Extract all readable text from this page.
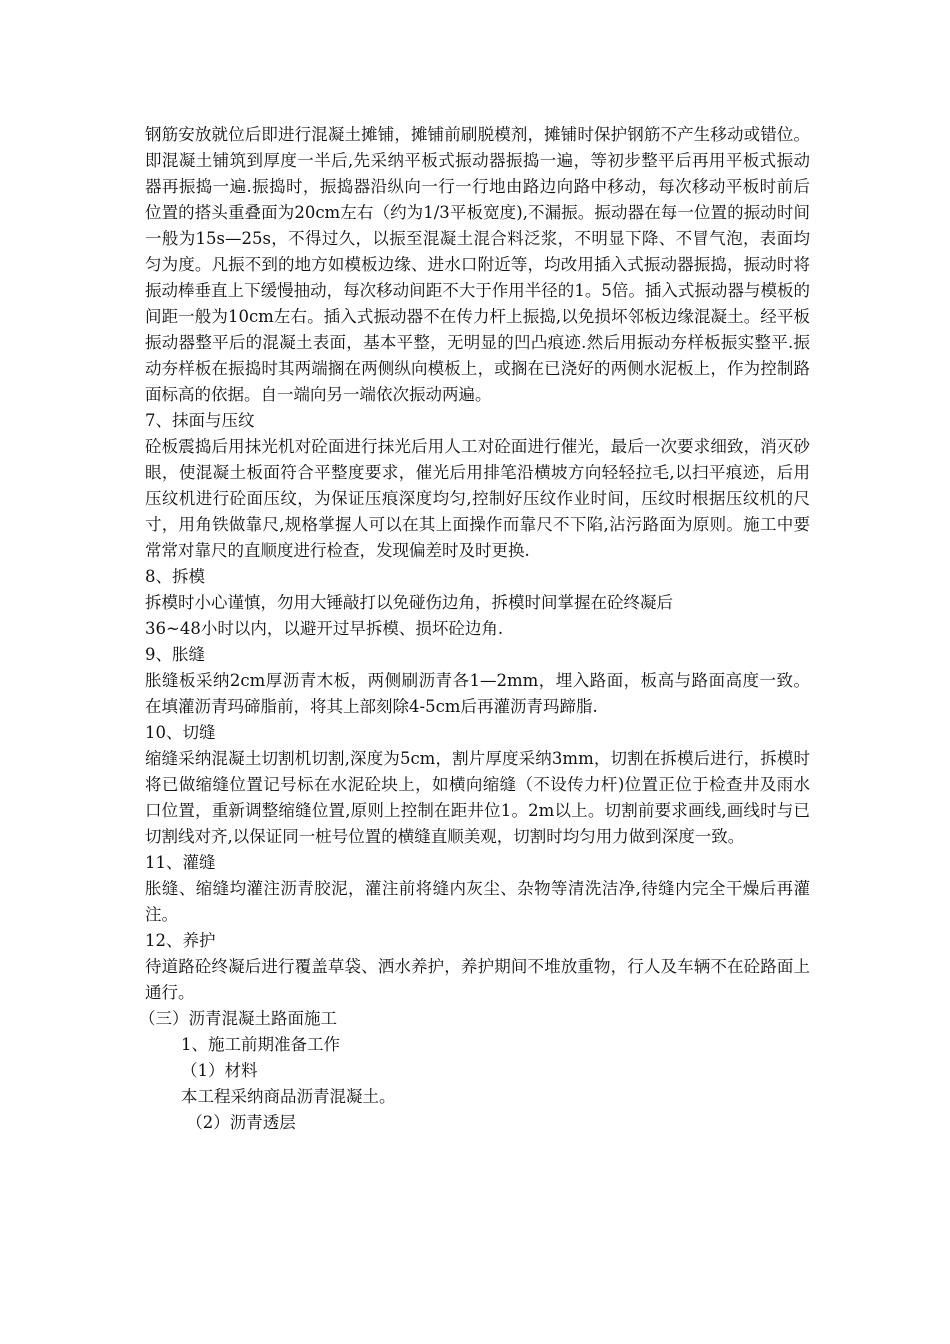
钢筋安放就位后即进行混凝土摊铺，摊铺前刷脱模剂，摊铺时保护钢筋不产生移动或错位。即混凝土铺筑到厚度一半后,先采纳平板式振动器振捣一遍，等初步整平后再用平板式振动器再振捣一遍.振捣时，振捣器沿纵向一行一行地由路边向路中移动，每次移动平板时前后位置的搭头重叠面为20cm左右（约为1/3平板宽度),不漏振。振动器在每一位置的振动时间一般为15s—25s，不得过久，以振至混凝土混合料泛浆，不明显下降、不冒气泡，表面均匀为度。凡振不到的地方如模板边缘、进水口附近等，均改用插入式振动器振捣，振动时将振动棒垂直上下缓慢抽动，每次移动间距不大于作用半径的1。5倍。插入式振动器与模板的间距一般为10cm左右。插入式振动器不在传力杆上振捣,以免损坏邻板边缘混凝土。经平板振动器整平后的混凝土表面，基本平整，无明显的凹凸痕迹.然后用振动夯样板振实整平.振动夯样板在振捣时其两端搁在两侧纵向模板上，或搁在已浇好的两侧水泥板上，作为控制路面标高的依据。自一端向另一端依次振动两遍。

7、抹面与压纹

砼板震捣后用抹光机对砼面进行抹光后用人工对砼面进行催光，最后一次要求细致，消灭砂眼，使混凝土板面符合平整度要求，催光后用排笔沿横坡方向轻轻拉毛,以扫平痕迹，后用压纹机进行砼面压纹，为保证压痕深度均匀,控制好压纹作业时间，压纹时根据压纹机的尺寸，用角铁做靠尺,规格掌握人可以在其上面操作而靠尺不下陷,沾污路面为原则。施工中要常常对靠尺的直顺度进行检查，发现偏差时及时更换.

8、拆模

拆模时小心谨慎，勿用大锤敲打以免碰伤边角，拆模时间掌握在砼终凝后

36~48小时以内，以避开过早拆模、损坏砼边角.

9、胀缝

胀缝板采纳2cm厚沥青木板，两侧刷沥青各1—2mm，埋入路面，板高与路面高度一致。在填灌沥青玛碲脂前，将其上部刻除4-5cm后再灌沥青玛蹄脂.

10、切缝

缩缝采纳混凝土切割机切割,深度为5cm，割片厚度采纳3mm，切割在拆模后进行，拆模时将已做缩缝位置记号标在水泥砼块上，如横向缩缝（不设传力杆)位置正位于检查井及雨水口位置，重新调整缩缝位置,原则上控制在距井位1。2m以上。切割前要求画线,画线时与已切割线对齐,以保证同一桩号位置的横缝直顺美观，切割时均匀用力做到深度一致。

11、灌缝

胀缝、缩缝均灌注沥青胶泥，灌注前将缝内灰尘、杂物等清洗洁净,待缝内完全干燥后再灌注。

12、养护

待道路砼终凝后进行覆盖草袋、洒水养护，养护期间不堆放重物，行人及车辆不在砼路面上通行。

（三）沥青混凝土路面施工

1、施工前期准备工作

（1）材料

本工程采纳商品沥青混凝土。

（2）沥青透层
